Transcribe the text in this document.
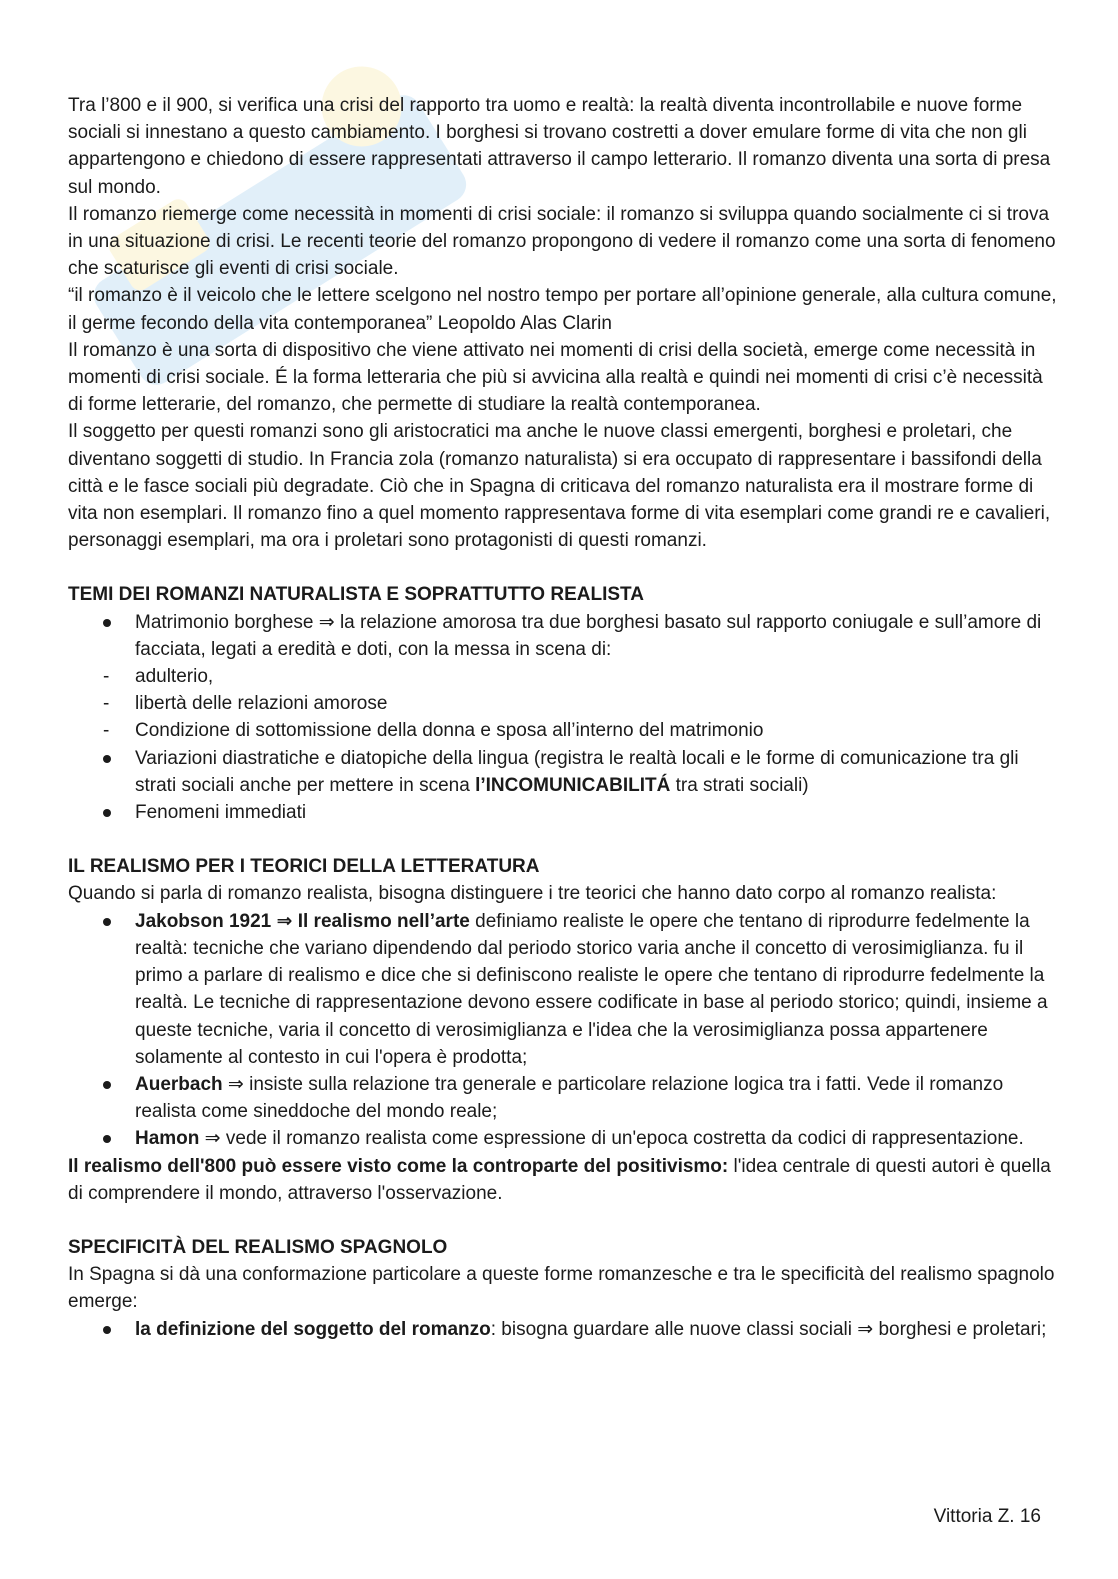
Tra l’800 e il 900, si verifica una crisi del rapporto tra uomo e realtà: la realtà diventa incontrollabile e nuove forme sociali si innestano a questo cambiamento. I borghesi si trovano costretti a dover emulare forme di vita che non gli appartengono e chiedono di essere rappresentati attraverso il campo letterario. Il romanzo diventa una sorta di presa sul mondo.

Il romanzo riemerge come necessità in momenti di crisi sociale: il romanzo si sviluppa quando socialmente ci si trova in una situazione di crisi. Le recenti teorie del romanzo propongono di vedere il romanzo come una sorta di fenomeno che scaturisce gli eventi di crisi sociale.

“il romanzo è il veicolo che le lettere scelgono nel nostro tempo per portare all’opinione generale, alla cultura comune, il germe fecondo della vita contemporanea” Leopoldo Alas Clarin

Il romanzo è una sorta di dispositivo che viene attivato nei momenti di crisi della società, emerge come necessità in momenti di crisi sociale. É la forma letteraria che più si avvicina alla realtà e quindi nei momenti di crisi c’è necessità di forme letterarie, del romanzo, che permette di studiare la realtà contemporanea.

Il soggetto per questi romanzi sono gli aristocratici ma anche le nuove classi emergenti, borghesi e proletari, che diventano soggetti di studio. In Francia zola (romanzo naturalista) si era occupato di rappresentare i bassifondi della città e le fasce sociali più degradate. Ciò che in Spagna di criticava del romanzo naturalista era il mostrare forme di vita non esemplari. Il romanzo fino a quel momento rappresentava forme di vita esemplari come grandi re e cavalieri, personaggi esemplari, ma ora i proletari sono protagonisti di questi romanzi.

TEMI DEI ROMANZI NATURALISTA E SOPRATTUTTO REALISTA

Matrimonio borghese ⇒ la relazione amorosa tra due borghesi basato sul rapporto coniugale e sull’amore di facciata, legati a eredità e doti, con la messa in scena di:
adulterio,
libertà delle relazioni amorose
Condizione di sottomissione della donna e sposa all’interno del matrimonio
Variazioni diastratiche e diatopiche della lingua (registra le realtà locali e le forme di comunicazione tra gli strati sociali anche per mettere in scena l’INCOMUNICABILITÁ tra strati sociali)
Fenomeni immediati

IL REALISMO PER I TEORICI DELLA LETTERATURA

Quando si parla di romanzo realista, bisogna distinguere i tre teorici che hanno dato corpo al romanzo realista:

Jakobson 1921 ⇒ Il realismo nell’arte definiamo realiste le opere che tentano di riprodurre fedelmente la realtà: tecniche che variano dipendendo dal periodo storico varia anche il concetto di verosimiglianza. fu il primo a parlare di realismo e dice che si definiscono realiste le opere che tentano di riprodurre fedelmente la realtà. Le tecniche di rappresentazione devono essere codificate in base al periodo storico; quindi, insieme a queste tecniche, varia il concetto di verosimiglianza e l'idea che la verosimiglianza possa appartenere solamente al contesto in cui l'opera è prodotta;
Auerbach ⇒ insiste sulla relazione tra generale e particolare relazione logica tra i fatti. Vede il romanzo realista come sineddoche del mondo reale;
Hamon ⇒ vede il romanzo realista come espressione di un'epoca costretta da codici di rappresentazione.

Il realismo dell'800 può essere visto come la controparte del positivismo: l'idea centrale di questi autori è quella di comprendere il mondo, attraverso l'osservazione.

SPECIFICITÀ DEL REALISMO SPAGNOLO

In Spagna si dà una conformazione particolare a queste forme romanzesche e tra le specificità del realismo spagnolo emerge:

la definizione del soggetto del romanzo: bisogna guardare alle nuove classi sociali ⇒ borghesi e proletari;
Vittoria Z. 16
